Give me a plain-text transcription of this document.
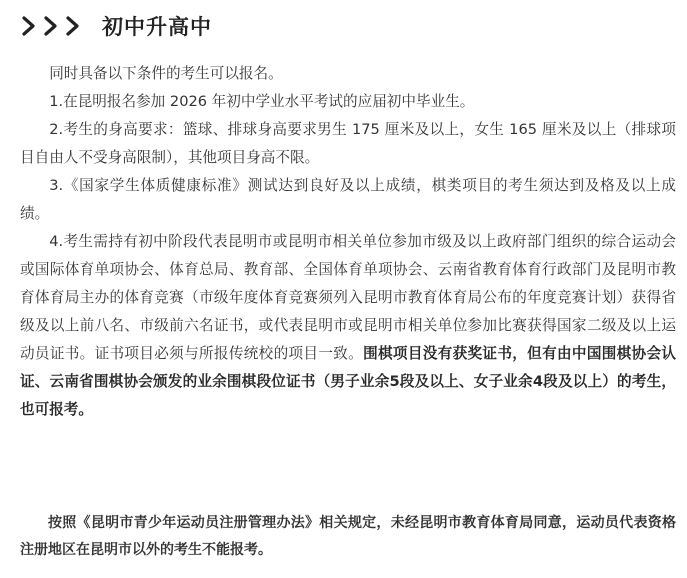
初中升高中

同时具备以下条件的考生可以报名。

1.在昆明报名参加 2026 年初中学业水平考试的应届初中毕业生。

2.考生的身高要求：篮球、排球身高要求男生 175 厘米及以上，女生 165 厘米及以上（排球项目自由人不受身高限制），其他项目身高不限。

3.《国家学生体质健康标准》测试达到良好及以上成绩，棋类项目的考生须达到及格及以上成绩。

4.考生需持有初中阶段代表昆明市或昆明市相关单位参加市级及以上政府部门组织的综合运动会或国际体育单项协会、体育总局、教育部、全国体育单项协会、云南省教育体育行政部门及昆明市教育体育局主办的体育竞赛（市级年度体育竞赛须列入昆明市教育体育局公布的年度竞赛计划）获得省级及以上前八名、市级前六名证书，或代表昆明市或昆明市相关单位参加比赛获得国家二级及以上运动员证书。证书项目必须与所报传统校的项目一致。围棋项目没有获奖证书，但有由中国围棋协会认证、云南省围棋协会颁发的业余围棋段位证书（男子业余5段及以上、女子业余4段及以上）的考生，也可报考。

按照《昆明市青少年运动员注册管理办法》相关规定，未经昆明市教育体育局同意，运动员代表资格注册地区在昆明市以外的考生不能报考。
